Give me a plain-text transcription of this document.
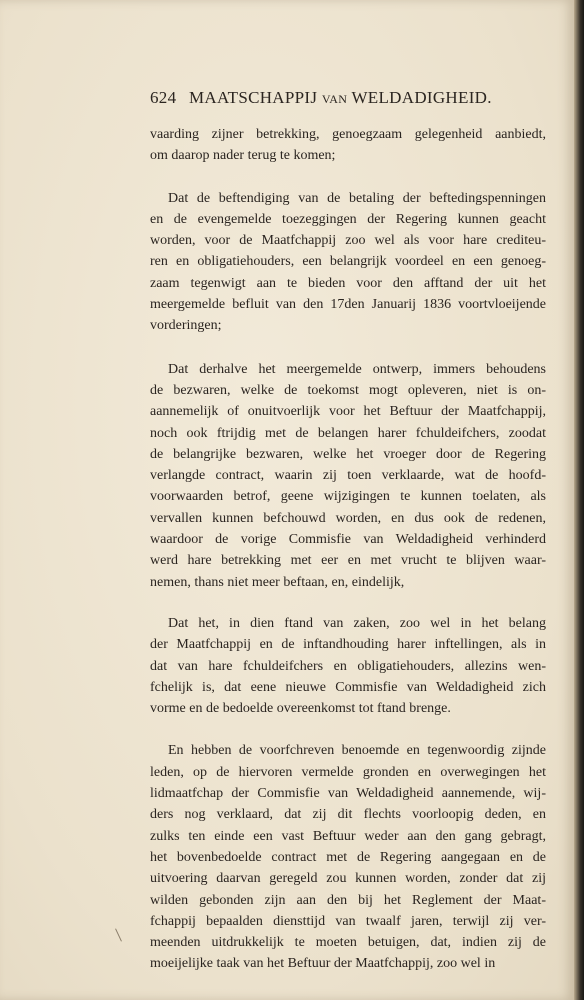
624 MAATSCHAPPIJ van WELDADIGHEID.
vaarding zijner betrekking, genoegzaam gelegenheid aanbiedt,
om daarop nader terug te komen;
Dat de beftendiging van de betaling der beftedingspenningen
en de evengemelde toezeggingen der Regering kunnen geacht
worden, voor de Maatfchappij zoo wel als voor hare crediteu-
ren en obligatiehouders, een belangrijk voordeel en een genoeg-
zaam tegenwigt aan te bieden voor den afftand der uit het
meergemelde befluit van den 17den Januarij 1836 voortvloeijende
vorderingen;
Dat derhalve het meergemelde ontwerp, immers behoudens
de bezwaren, welke de toekomst mogt opleveren, niet is on-
aannemelijk of onuitvoerlijk voor het Beftuur der Maatfchappij,
noch ook ftrijdig met de belangen harer fchuldeifchers, zoodat
de belangrijke bezwaren, welke het vroeger door de Regering
verlangde contract, waarin zij toen verklaarde, wat de hoofd-
voorwaarden betrof, geene wijzigingen te kunnen toelaten, als
vervallen kunnen befchouwd worden, en dus ook de redenen,
waardoor de vorige Commisfie van Weldadigheid verhinderd
werd hare betrekking met eer en met vrucht te blijven waar-
nemen, thans niet meer beftaan, en, eindelijk,
Dat het, in dien ftand van zaken, zoo wel in het belang
der Maatfchappij en de inftandhouding harer inftellingen, als in
dat van hare fchuldeifchers en obligatiehouders, allezins wen-
fchelijk is, dat eene nieuwe Commisfie van Weldadigheid zich
vorme en de bedoelde overeenkomst tot ftand brenge.
En hebben de voorfchreven benoemde en tegenwoordig zijnde
leden, op de hiervoren vermelde gronden en overwegingen het
lidmaatfchap der Commisfie van Weldadigheid aannemende, wij-
ders nog verklaard, dat zij dit flechts voorloopig deden, en
zulks ten einde een vast Beftuur weder aan den gang gebragt,
het bovenbedoelde contract met de Regering aangegaan en de
uitvoering daarvan geregeld zou kunnen worden, zonder dat zij
wilden gebonden zijn aan den bij het Reglement der Maat-
fchappij bepaalden diensttijd van twaalf jaren, terwijl zij ver-
meenden uitdrukkelijk te moeten betuigen, dat, indien zij de
moeijelijke taak van het Beftuur der Maatfchappij, zoo wel in
